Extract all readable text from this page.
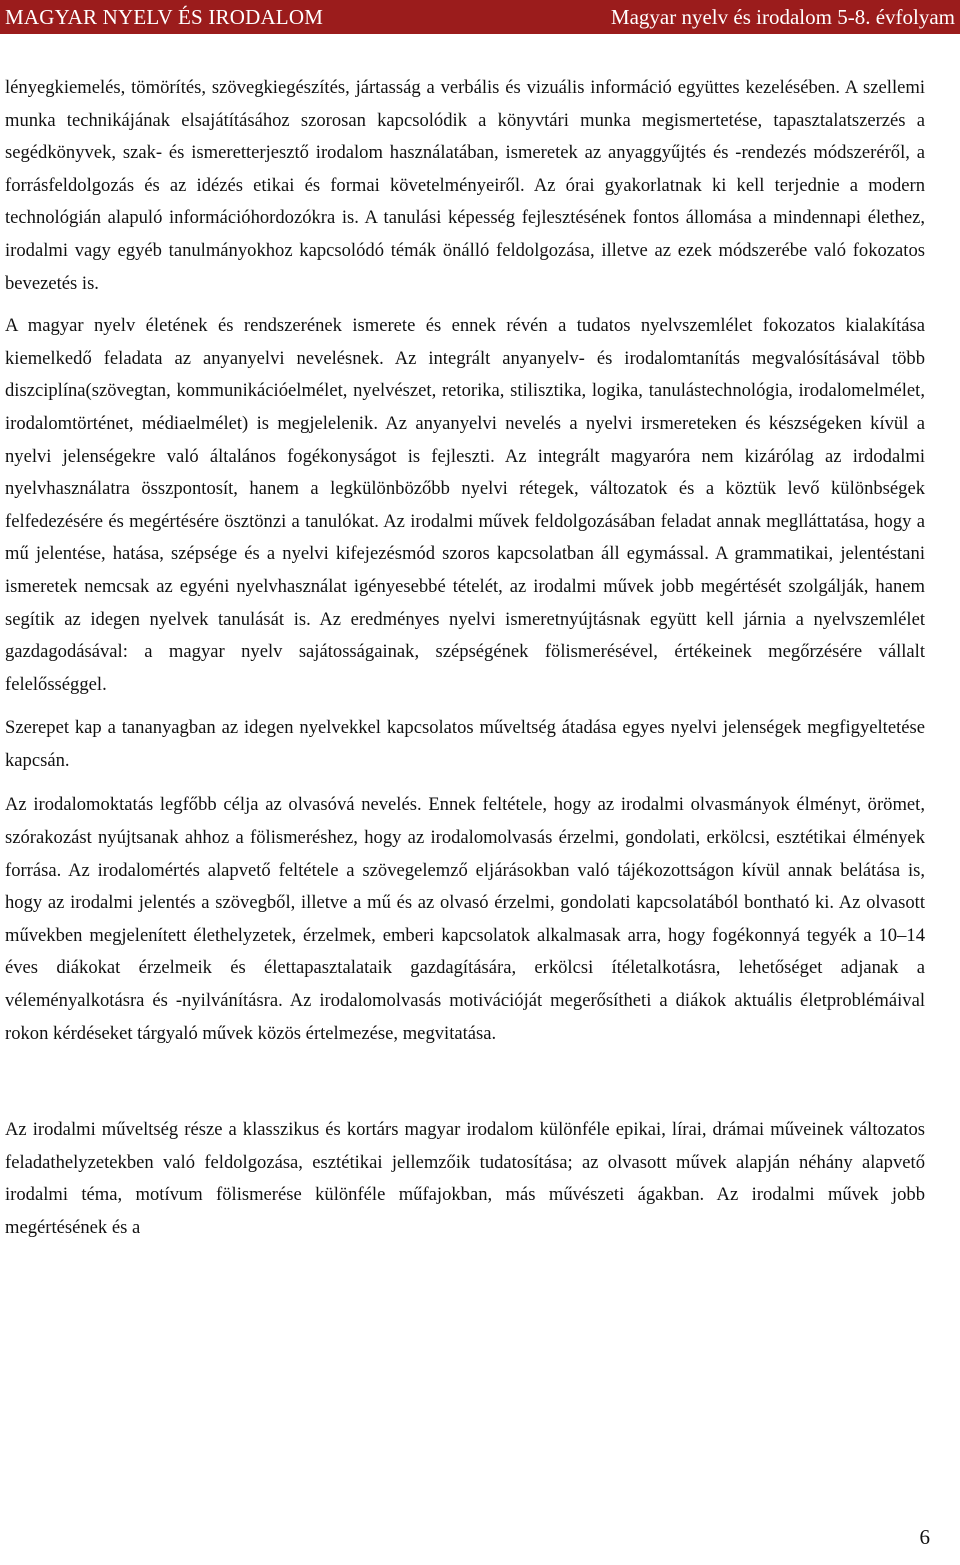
MAGYAR NYELV ÉS IRODALOM	Magyar nyelv és irodalom 5-8. évfolyam

lényegkiemelés, tömörítés, szövegkiegészítés, jártasság a verbális és vizuális információ együttes kezelésében. A szellemi munka technikájának elsajátításához szorosan kapcsolódik a könyvtári munka megismertetése, tapasztalatszerzés a segédkönyvek, szak- és ismeretterjesztő irodalom használatában, ismeretek az anyaggyűjtés és -rendezés módszeréről, a forrásfeldolgozás és az idézés etikai és formai követelményeiről. Az órai gyakorlatnak ki kell terjednie a modern technológián alapuló információhordozókra is. A tanulási képesség fejlesztésének fontos állomása a mindennapi élethez, irodalmi vagy egyéb tanulmányokhoz kapcsolódó témák önálló feldolgozása, illetve az ezek módszerébe való fokozatos bevezetés is.

A magyar nyelv életének és rendszerének ismerete és ennek révén a tudatos nyelvszemlélet fokozatos kialakítása kiemelkedő feladata az anyanyelvi nevelésnek. Az integrált anyanyelv- és irodalomtanítás megvalósításával több diszciplína(szövegtan, kommunikációelmélet, nyelvészet, retorika, stilisztika, logika, tanulástechnológia, irodalomelmélet, irodalomtörténet, médiaelmélet) is megjelelenik. Az anyanyelvi nevelés a nyelvi irsmereteken és készségeken kívül a nyelvi jelenségekre való általános fogékonyságot is fejleszti. Az integrált magyaróra nem kizárólag az irdodalmi nyelvhasználatra összpontosít, hanem a legkülönbözőbb nyelvi rétegek, változatok és a köztük levő különbségek felfedezésére és megértésére ösztönzi a tanulókat. Az irodalmi művek feldolgozásában feladat annak meglláttatása, hogy a mű jelentése, hatása, szépsége és a nyelvi kifejezésmód szoros kapcsolatban áll egymással. A grammatikai, jelentéstani ismeretek nemcsak az egyéni nyelvhasználat igényesebbé tételét, az irodalmi művek jobb megértését szolgálják, hanem segítik az idegen nyelvek tanulását is. Az eredményes nyelvi ismeretnyújtásnak együtt kell járnia a nyelvszemlélet gazdagodásával: a magyar nyelv sajátosságainak, szépségének fölismerésével, értékeinek megőrzésére vállalt felelősséggel.

Szerepet kap a tananyagban az idegen nyelvekkel kapcsolatos műveltség átadása egyes nyelvi jelenségek megfigyeltetése kapcsán.

Az irodalomoktatás legfőbb célja az olvasóvá nevelés. Ennek feltétele, hogy az irodalmi olvasmányok élményt, örömet, szórakozást nyújtsanak ahhoz a fölismeréshez, hogy az irodalomolvasás érzelmi, gondolati, erkölcsi, esztétikai élmények forrása. Az irodalomértés alapvető feltétele a szövegelemző eljárásokban való tájékozottságon kívül annak belátása is, hogy az irodalmi jelentés a szövegből, illetve a mű és az olvasó érzelmi, gondolati kapcsolatából bontható ki. Az olvasott művekben megjelenített élethelyzetek, érzelmek, emberi kapcsolatok alkalmasak arra, hogy fogékonnyá tegyék a 10–14 éves diákokat érzelmeik és élettapasztalataik gazdagítására, erkölcsi ítéletalkotásra, lehetőséget adjanak a véleményalkotásra és -nyilvánításra. Az irodalomolvasás motivációját megerősítheti a diákok aktuális életproblémáival rokon kérdéseket tárgyaló művek közös értelmezése, megvitatása.

Az irodalmi műveltség része a klasszikus és kortárs magyar irodalom különféle epikai, lírai, drámai műveinek változatos feladathelyzetekben való feldolgozása, esztétikai jellemzőik tudatosítása; az olvasott művek alapján néhány alapvető irodalmi téma, motívum fölismerése különféle műfajokban, más művészeti ágakban. Az irodalmi művek jobb megértésének és a

6
